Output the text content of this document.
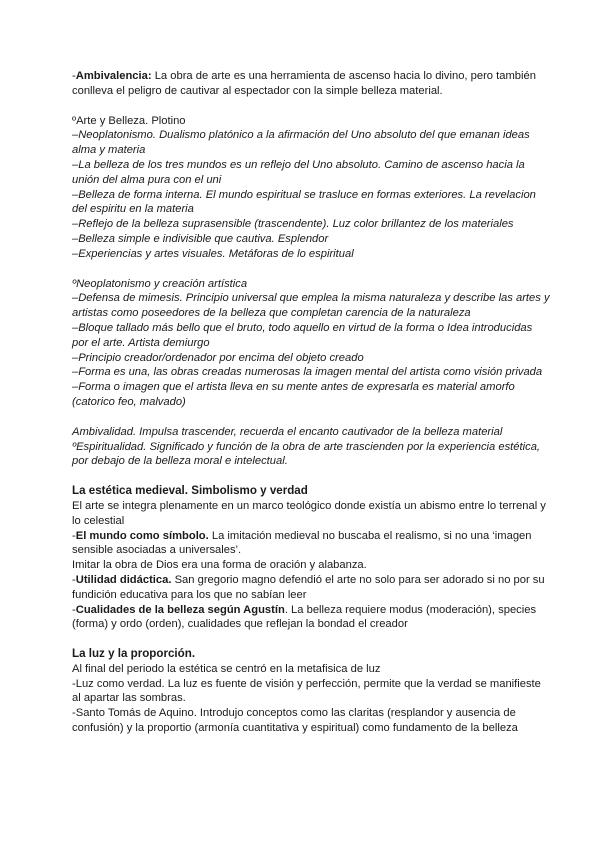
-Ambivalencia: La obra de arte es una herramienta de ascenso hacia lo divino, pero también conlleva el peligro de cautivar al espectador con la simple belleza material.

ºArte y Belleza. Plotino

–Neoplatonismo. Dualismo platónico a la afirmación del Uno absoluto del que emanan ideas alma y materia

–La belleza de los tres mundos es un reflejo del Uno absoluto. Camino de ascenso hacia la unión del alma pura con el uni

–Belleza de forma interna. El mundo espiritual se trasluce en formas exteriores. La revelacion del espiritu en la materia

–Reflejo de la belleza suprasensible (trascendente). Luz color brillantez de los materiales

–Belleza simple e indivisible que cautiva. Esplendor

–Experiencias y artes visuales. Metáforas de lo espiritual

ºNeoplatonismo y creación artística

–Defensa de mimesis. Principio universal que emplea la misma naturaleza y describe las artes y artistas como poseedores de la belleza que completan carencia de la naturaleza

–Bloque tallado más bello que el bruto, todo aquello en virtud de la forma o Idea introducidas por el arte. Artista demiurgo

–Principio creador/ordenador por encima del objeto creado

–Forma es una, las obras creadas numerosas la imagen mental del artista como visión privada

–Forma o imagen que el artista lleva en su mente antes de expresarla es material amorfo (catorico feo, malvado)

Ambivalidad. Impulsa trascender, recuerda el encanto cautivador de la belleza material

ºEspiritualidad. Significado y función de la obra de arte trascienden por la experiencia estética, por debajo de la belleza moral e intelectual.

La estética medieval. Simbolismo y verdad

El arte se integra plenamente en un marco teológico donde existía un abismo entre lo terrenal y lo celestial

-El mundo como símbolo. La imitación medieval no buscaba el realismo, si no una ‘imagen sensible asociadas a universales’.

Imitar la obra de Dios era una forma de oración y alabanza.

-Utilidad didáctica. San gregorio magno defendió el arte no solo para ser adorado si no por su fundición educativa para los que no sabían leer

-Cualidades de la belleza según Agustín. La belleza requiere modus (moderación), species (forma) y ordo (orden), cualidades que reflejan la bondad el creador

La luz y la proporción.

Al final del periodo la estética se centró en la metafisica de luz

-Luz como verdad. La luz es fuente de visión y perfección, permite que la verdad se manifieste al apartar las sombras.

-Santo Tomás de Aquino. Introdujo conceptos como las claritas (resplandor y ausencia de confusión) y la proportio (armonía cuantitativa y espiritual) como fundamento de la belleza
